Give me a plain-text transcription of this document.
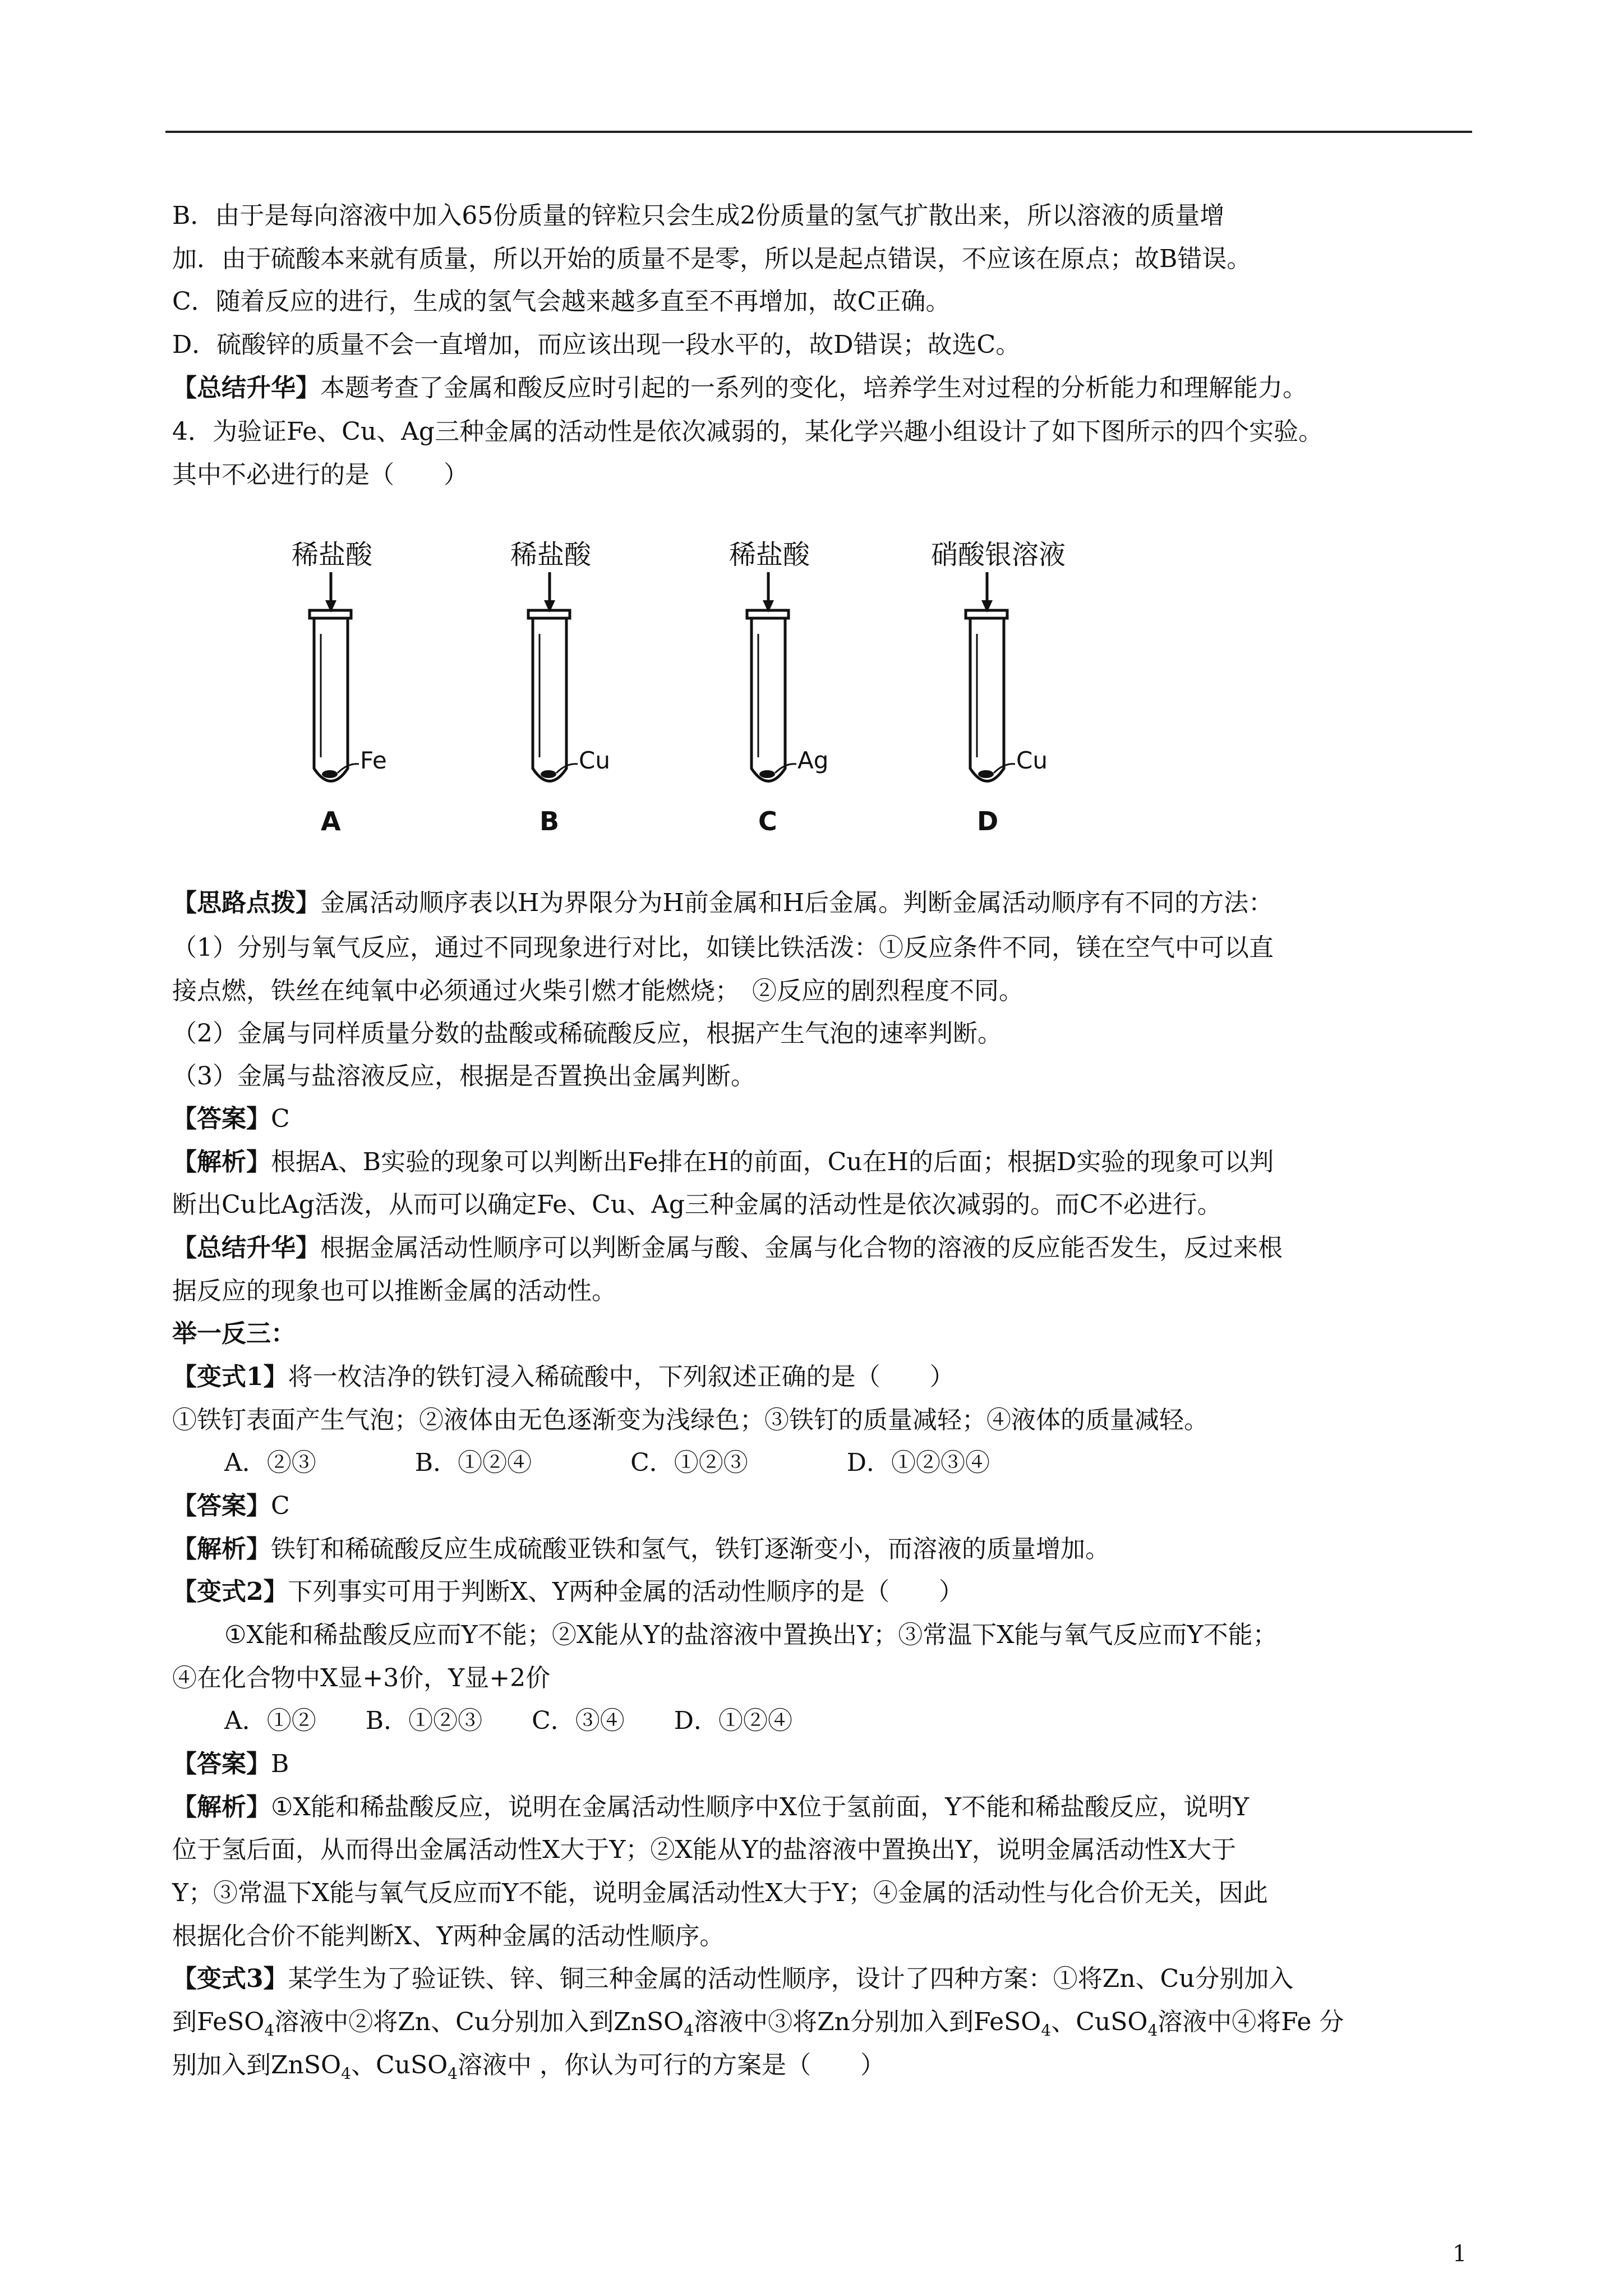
B．由于是每向溶液中加入65份质量的锌粒只会生成2份质量的氢气扩散出来，所以溶液的质量增
加．由于硫酸本来就有质量，所以开始的质量不是零，所以是起点错误，不应该在原点；故B错误。
C．随着反应的进行，生成的氢气会越来越多直至不再增加，故C正确。
D．硫酸锌的质量不会一直增加，而应该出现一段水平的，故D错误；故选C。
【总结升华】本题考查了金属和酸反应时引起的一系列的变化，培养学生对过程的分析能力和理解能力。
4．为验证Fe、Cu、Ag三种金属的活动性是依次减弱的，某化学兴趣小组设计了如下图所示的四个实验。
其中不必进行的是（　　）
稀盐酸
Fe
A
稀盐酸
Cu
B
稀盐酸
Ag
C
硝酸银溶液
Cu
D
【思路点拨】金属活动顺序表以H为界限分为H前金属和H后金属。判断金属活动顺序有不同的方法：
（1）分别与氧气反应，通过不同现象进行对比，如镁比铁活泼：①反应条件不同，镁在空气中可以直
接点燃，铁丝在纯氧中必须通过火柴引燃才能燃烧；　②反应的剧烈程度不同。
（2）金属与同样质量分数的盐酸或稀硫酸反应，根据产生气泡的速率判断。
（3）金属与盐溶液反应，根据是否置换出金属判断。
【答案】C
【解析】根据A、B实验的现象可以判断出Fe排在H的前面，Cu在H的后面；根据D实验的现象可以判
断出Cu比Ag活泼，从而可以确定Fe、Cu、Ag三种金属的活动性是依次减弱的。而C不必进行。
【总结升华】根据金属活动性顺序可以判断金属与酸、金属与化合物的溶液的反应能否发生，反过来根
据反应的现象也可以推断金属的活动性。
举一反三：
【变式1】将一枚洁净的铁钉浸入稀硫酸中，下列叙述正确的是（　　）
①铁钉表面产生气泡；②液体由无色逐渐变为浅绿色；③铁钉的质量减轻；④液体的质量减轻。
A．②③　　　　B．①②④　　　　C．①②③　　　　D．①②③④
【答案】C
【解析】铁钉和稀硫酸反应生成硫酸亚铁和氢气，铁钉逐渐变小，而溶液的质量增加。
【变式2】下列事实可用于判断X、Y两种金属的活动性顺序的是（　　）
①X能和稀盐酸反应而Y不能；②X能从Y的盐溶液中置换出Y；③常温下X能与氧气反应而Y不能；
④在化合物中X显+3价，Y显+2价
A．①②　　B．①②③　　C．③④　　D．①②④
【答案】B
【解析】①X能和稀盐酸反应，说明在金属活动性顺序中X位于氢前面，Y不能和稀盐酸反应，说明Y
位于氢后面，从而得出金属活动性X大于Y；②X能从Y的盐溶液中置换出Y，说明金属活动性X大于
Y；③常温下X能与氧气反应而Y不能，说明金属活动性X大于Y；④金属的活动性与化合价无关，因此
根据化合价不能判断X、Y两种金属的活动性顺序。
【变式3】某学生为了验证铁、锌、铜三种金属的活动性顺序，设计了四种方案：①将Zn、Cu分别加入
到FeSO$_4$溶液中②将Zn、Cu分别加入到ZnSO$_4$溶液中③将Zn分别加入到FeSO$_4$、CuSO$_4$溶液中④将Fe 分
别加入到ZnSO$_4$、CuSO$_4$溶液中 ，你认为可行的方案是（　　）
1
